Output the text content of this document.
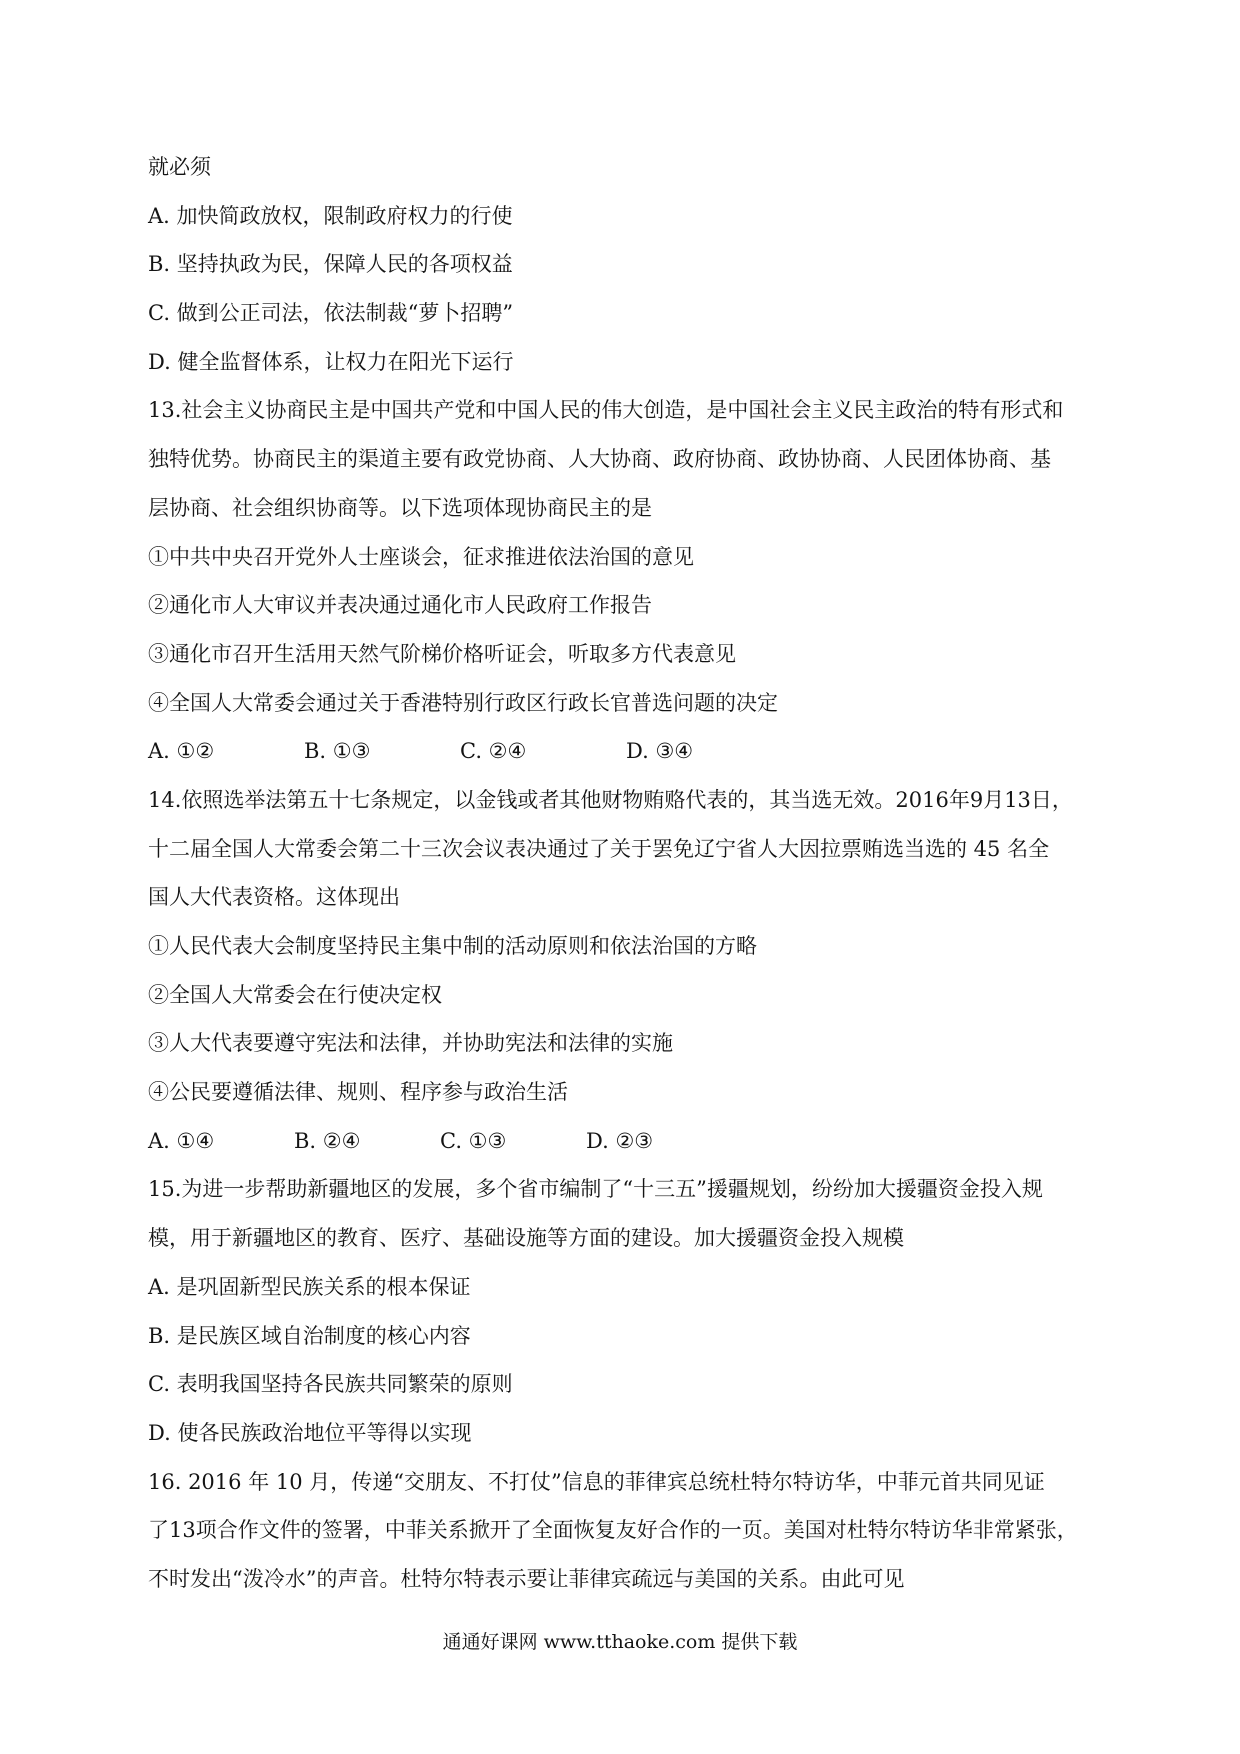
就必须
A. 加快简政放权，限制政府权力的行使
B. 坚持执政为民，保障人民的各项权益
C. 做到公正司法，依法制裁“萝卜招聘”
D. 健全监督体系，让权力在阳光下运行
13.社会主义协商民主是中国共产党和中国人民的伟大创造，是中国社会主义民主政治的特有形式和
独特优势。协商民主的渠道主要有政党协商、人大协商、政府协商、政协协商、人民团体协商、基
层协商、社会组织协商等。以下选项体现协商民主的是
①中共中央召开党外人士座谈会，征求推进依法治国的意见
②通化市人大审议并表决通过通化市人民政府工作报告
③通化市召开生活用天然气阶梯价格听证会，听取多方代表意见
④全国人大常委会通过关于香港特别行政区行政长官普选问题的决定
A. ①②	B. ①③	C. ②④	D. ③④
14.依照选举法第五十七条规定，以金钱或者其他财物贿赂代表的，其当选无效。2016年9月13日，
十二届全国人大常委会第二十三次会议表决通过了关于罢免辽宁省人大因拉票贿选当选的 45 名全
国人大代表资格。这体现出
①人民代表大会制度坚持民主集中制的活动原则和依法治国的方略
②全国人大常委会在行使决定权
③人大代表要遵守宪法和法律，并协助宪法和法律的实施
④公民要遵循法律、规则、程序参与政治生活
A. ①④	B. ②④	C. ①③	D. ②③
15.为进一步帮助新疆地区的发展，多个省市编制了“十三五”援疆规划，纷纷加大援疆资金投入规
模，用于新疆地区的教育、医疗、基础设施等方面的建设。加大援疆资金投入规模
A. 是巩固新型民族关系的根本保证
B. 是民族区域自治制度的核心内容
C. 表明我国坚持各民族共同繁荣的原则
D. 使各民族政治地位平等得以实现
16. 2016 年 10 月，传递“交朋友、不打仗”信息的菲律宾总统杜特尔特访华，中菲元首共同见证
了13项合作文件的签署，中菲关系掀开了全面恢复友好合作的一页。美国对杜特尔特访华非常紧张，
不时发出“泼冷水”的声音。杜特尔特表示要让菲律宾疏远与美国的关系。由此可见
通通好课网 www.tthaoke.com 提供下载
